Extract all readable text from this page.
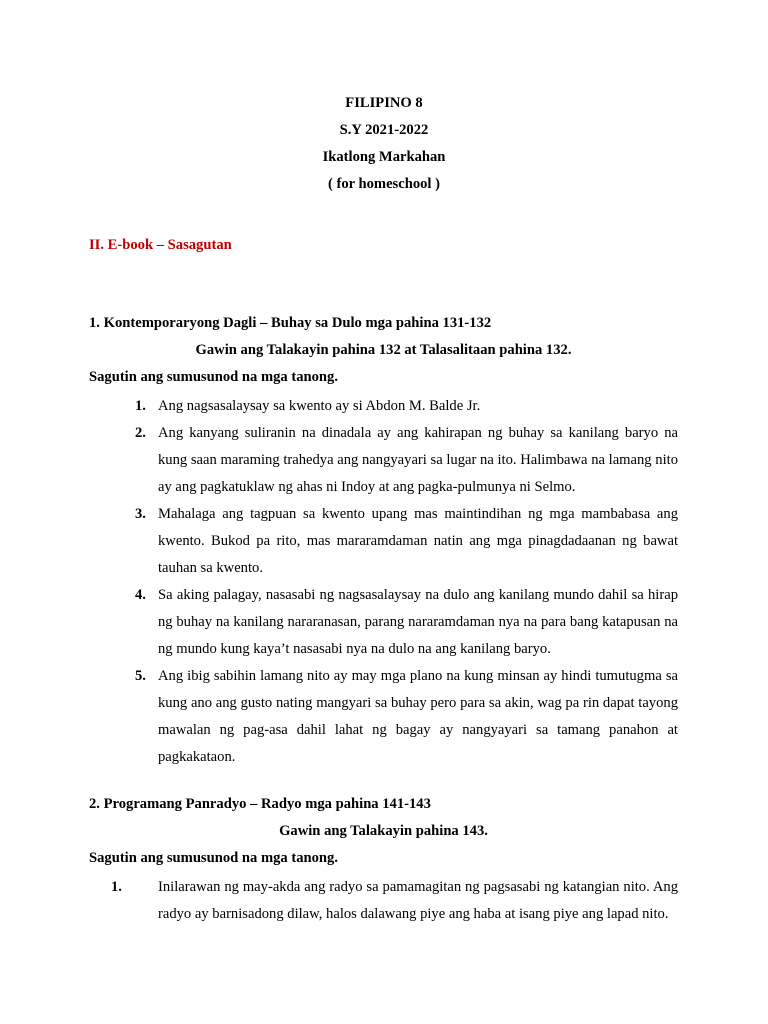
FILIPINO 8
S.Y 2021-2022
Ikatlong Markahan
( for homeschool )
II. E-book – Sasagutan
1. Kontemporaryong Dagli – Buhay sa Dulo mga pahina 131-132
Gawin ang Talakayin pahina 132 at Talasalitaan pahina 132.
Sagutin ang sumusunod na mga tanong.
1. Ang nagsasalaysay sa kwento ay si Abdon M. Balde Jr.
2. Ang kanyang suliranin na dinadala ay ang kahirapan ng buhay sa kanilang baryo na kung saan maraming trahedya ang nangyayari sa lugar na ito. Halimbawa na lamang nito ay ang pagkatuklaw ng ahas ni Indoy at ang pagka-pulmunya ni Selmo.
3. Mahalaga ang tagpuan sa kwento upang mas maintindihan ng mga mambabasa ang kwento. Bukod pa rito, mas mararamdaman natin ang mga pinagdadaanan ng bawat tauhan sa kwento.
4. Sa aking palagay, nasasabi ng nagsasalaysay na dulo ang kanilang mundo dahil sa hirap ng buhay na kanilang nararanasan, parang nararamdaman nya na para bang katapusan na ng mundo kung kaya’t nasasabi nya na dulo na ang kanilang baryo.
5. Ang ibig sabihin lamang nito ay may mga plano na kung minsan ay hindi tumutugma sa kung ano ang gusto nating mangyari sa buhay pero para sa akin, wag pa rin dapat tayong mawalan ng pag-asa dahil lahat ng bagay ay nangyayari sa tamang panahon at pagkakataon.
2. Programang Panradyo – Radyo mga pahina 141-143
Gawin ang Talakayin pahina 143.
Sagutin ang sumusunod na mga tanong.
1. Inilarawan ng may-akda ang radyo sa pamamagitan ng pagsasabi ng katangian nito. Ang radyo ay barnisadong dilaw, halos dalawang piye ang haba at isang piye ang lapad nito.
